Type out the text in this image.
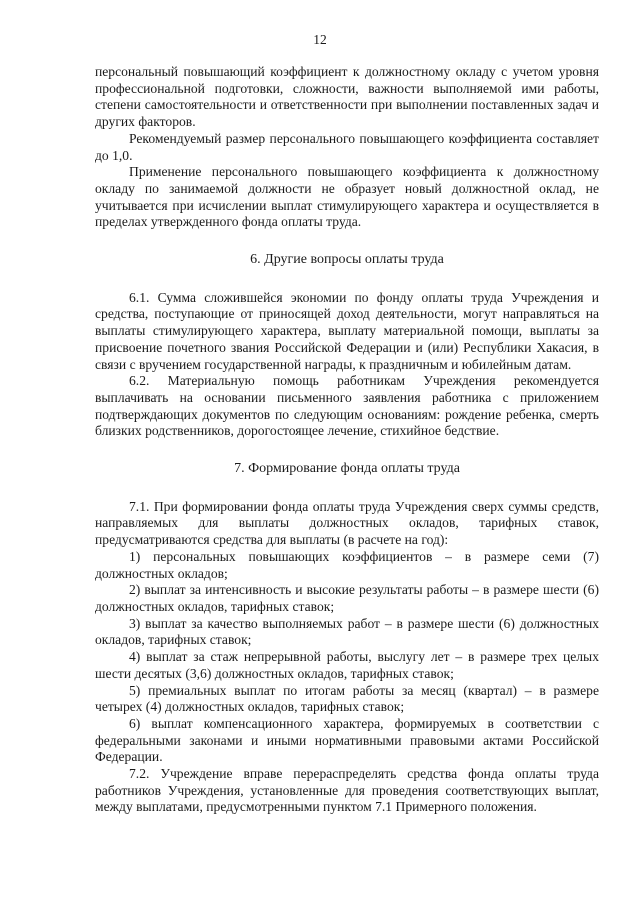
12

персональный повышающий коэффициент к должностному окладу с учетом уровня профессиональной подготовки, сложности, важности выполняемой ими работы, степени самостоятельности и ответственности при выполнении поставленных задач и других факторов.

Рекомендуемый размер персонального повышающего коэффициента составляет до 1,0.

Применение персонального повышающего коэффициента к должностному окладу по занимаемой должности не образует новый должностной оклад, не учитывается при исчислении выплат стимулирующего характера и осуществляется в пределах утвержденного фонда оплаты труда.

6. Другие вопросы оплаты труда

6.1. Сумма сложившейся экономии по фонду оплаты труда Учреждения и средства, поступающие от приносящей доход деятельности, могут направляться на выплаты стимулирующего характера, выплату материальной помощи, выплаты за присвоение почетного звания Российской Федерации и (или) Республики Хакасия, в связи с вручением государственной награды, к праздничным и юбилейным датам.

6.2. Материальную помощь работникам Учреждения рекомендуется выплачивать на основании письменного заявления работника с приложением подтверждающих документов по следующим основаниям: рождение ребенка, смерть близких родственников, дорогостоящее лечение, стихийное бедствие.

7. Формирование фонда оплаты труда

7.1. При формировании фонда оплаты труда Учреждения сверх суммы средств, направляемых для выплаты должностных окладов, тарифных ставок, предусматриваются средства для выплаты (в расчете на год):

1) персональных повышающих коэффициентов – в размере семи (7) должностных окладов;

2) выплат за интенсивность и высокие результаты работы – в размере шести (6) должностных окладов, тарифных ставок;

3) выплат за качество выполняемых работ – в размере шести (6) должностных окладов, тарифных ставок;

4) выплат за стаж непрерывной работы, выслугу лет – в размере трех целых шести десятых (3,6) должностных окладов, тарифных ставок;

5) премиальных выплат по итогам работы за месяц (квартал) – в размере четырех (4) должностных окладов, тарифных ставок;

6) выплат компенсационного характера, формируемых в соответствии с федеральными законами и иными нормативными правовыми актами Российской Федерации.

7.2. Учреждение вправе перераспределять средства фонда оплаты труда работников Учреждения, установленные для проведения соответствующих выплат, между выплатами, предусмотренными пунктом 7.1 Примерного положения.
